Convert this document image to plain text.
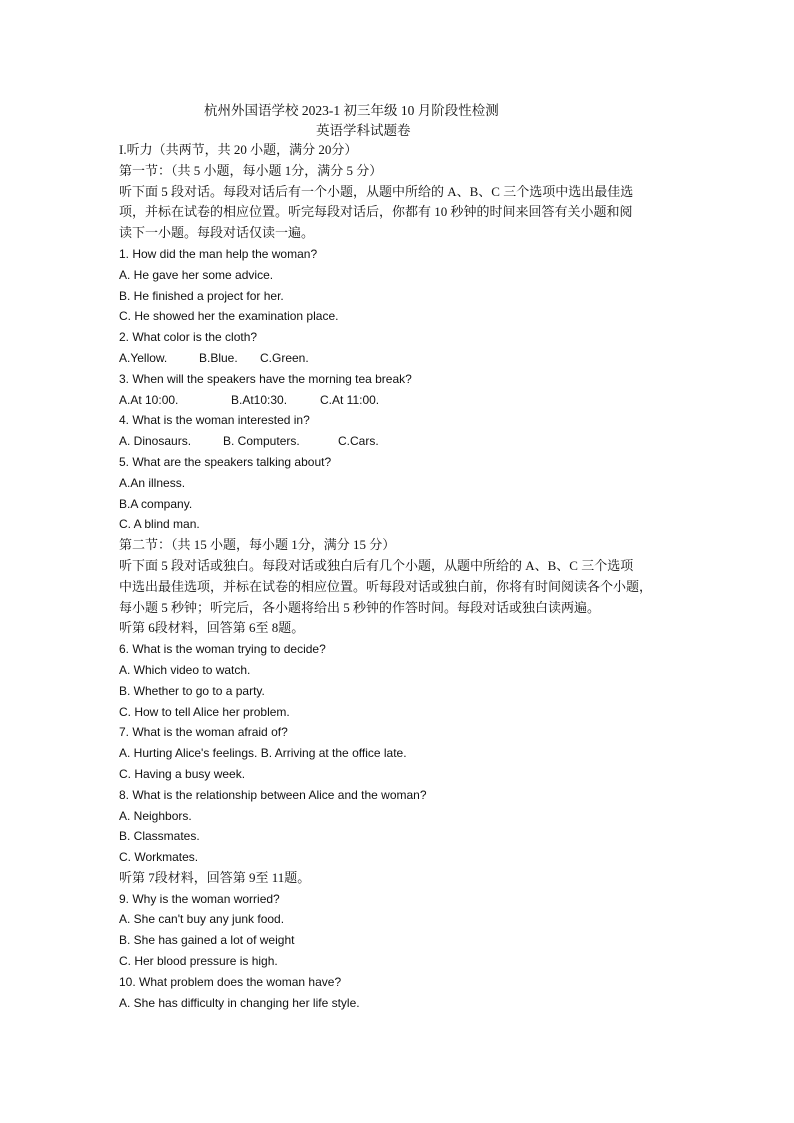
杭州外国语学校 2023-1 初三年级 10 月阶段性检测
英语学科试题卷
I.听力（共两节，共 20 小题，满分 20分）
第一节：（共 5 小题，每小题 1分，满分 5 分）
听下面 5 段对话。每段对话后有一个小题，从题中所给的 A、B、C 三个选项中选出最佳选
项，并标在试卷的相应位置。听完每段对话后，你都有 10 秒钟的时间来回答有关小题和阅
读下一小题。每段对话仅读一遍。
1. How did the man help the woman?
A. He gave her some advice.
B. He finished a project for her.
C. He showed her the examination place.
2. What color is the cloth?
A.Yellow.	B.Blue. C.Green.
3. When will the speakers have the morning tea break?
A.At 10:00.	B.At10:30.	C.At 11:00.
4. What is the woman interested in?
A. Dinosaurs.	B. Computers.	C.Cars.
5. What are the speakers talking about?
A.An illness.
B.A company.
C. A blind man.
第二节：（共 15 小题，每小题 1分，满分 15 分）
听下面 5 段对话或独白。每段对话或独白后有几个小题，从题中所给的 A、B、C 三个选项
中选出最佳选项，并标在试卷的相应位置。听每段对话或独白前，你将有时间阅读各个小题，
每小题 5 秒钟；听完后，各小题将给出 5 秒钟的作答时间。每段对话或独白读两遍。
听第 6段材料，回答第 6至 8题。
6. What is the woman trying to decide?
A. Which video to watch.
B. Whether to go to a party.
C. How to tell Alice her problem.
7. What is the woman afraid of?
A. Hurting Alice's feelings. B. Arriving at the office late.
C. Having a busy week.
8. What is the relationship between Alice and the woman?
A. Neighbors.
B. Classmates.
C. Workmates.
听第 7段材料，回答第 9至 11题。
9. Why is the woman worried?
A. She can't buy any junk food.
B. She has gained a lot of weight
C. Her blood pressure is high.
10. What problem does the woman have?
A. She has difficulty in changing her life style.
